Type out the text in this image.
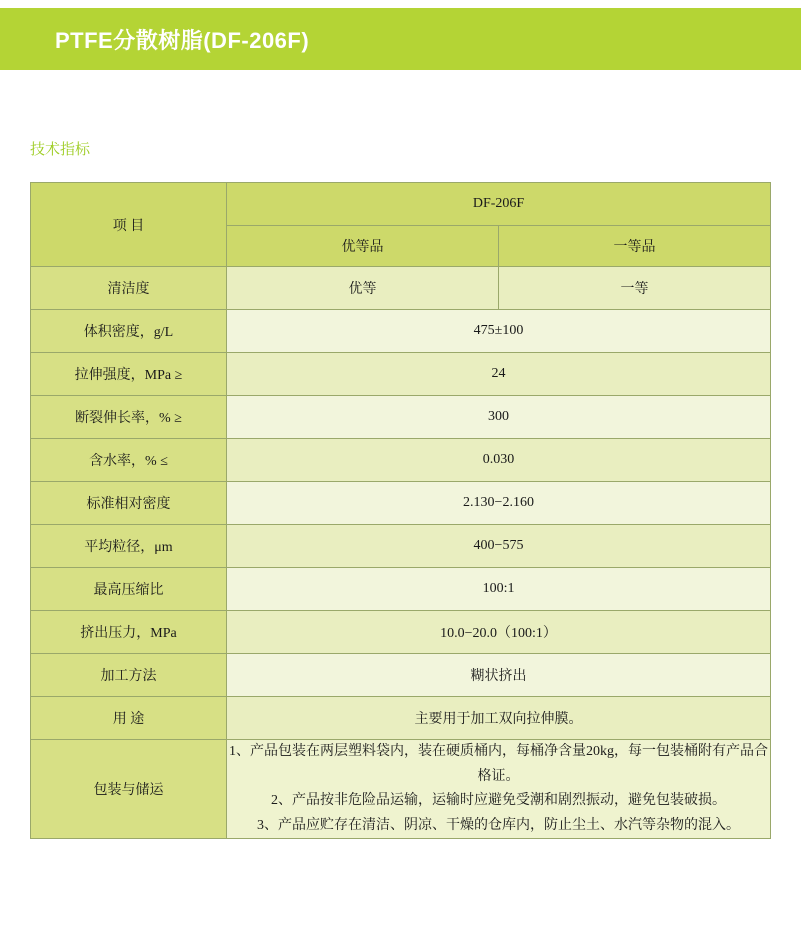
PTFE分散树脂(DF-206F)
技术指标
项 目	DF-206F	
	优等品	一等品
清洁度	优等	一等
体积密度，g/L	475±100	
拉伸强度，MPa ≥	24	
断裂伸长率，% ≥	300	
含水率，% ≤	0.030	
标准相对密度	2.130−2.160	
平均粒径，μm	400−575	
最高压缩比	100:1	
挤出压力，MPa	10.0−20.0（100:1）	
加工方法	糊状挤出	
用 途	主要用于加工双向拉伸膜。	
包装与储运	1、产品包装在两层塑料袋内，装在硬质桶内，每桶净含量20kg，每一包装桶附有产品合格证。

2、产品按非危险品运输，运输时应避免受潮和剧烈振动，避免包装破损。

3、产品应贮存在清洁、阴凉、干燥的仓库内，防止尘土、水汽等杂物的混入。	
